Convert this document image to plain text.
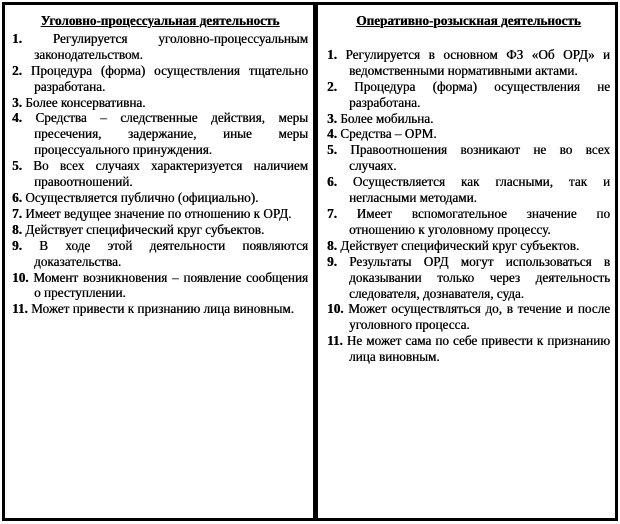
Уголовно-процессуальная деятельность
1. Регулируется уголовно-процессуальным законодательством.
2. Процедура (форма) осуществления тщательно разработана.
3. Более консервативна.
4. Средства – следственные действия, меры пресечения, задержание, иные меры процессуального принуждения.
5. Во всех случаях характеризуется наличием правоотношений.
6. Осуществляется публично (официально).
7. Имеет ведущее значение по отношению к ОРД.
8. Действует специфический круг субъектов.
9. В ходе этой деятельности появляются доказательства.
10. Момент возникновения – появление сообщения о преступлении.
11. Может привести к признанию лица виновным.
Оперативно-розыскная деятельность
1. Регулируется в основном ФЗ «Об ОРД» и ведомственными нормативными актами.
2. Процедура (форма) осуществления не разработана.
3. Более мобильна.
4. Средства – ОРМ.
5. Правоотношения возникают не во всех случаях.
6. Осуществляется как гласными, так и негласными методами.
7. Имеет вспомогательное значение по отношению к уголовному процессу.
8. Действует специфический круг субъектов.
9. Результаты ОРД могут использоваться в доказывании только через деятельность следователя, дознавателя, суда.
10. Может осуществляться до, в течение и после уголовного процесса.
11. Не может сама по себе привести к признанию лица виновным.
